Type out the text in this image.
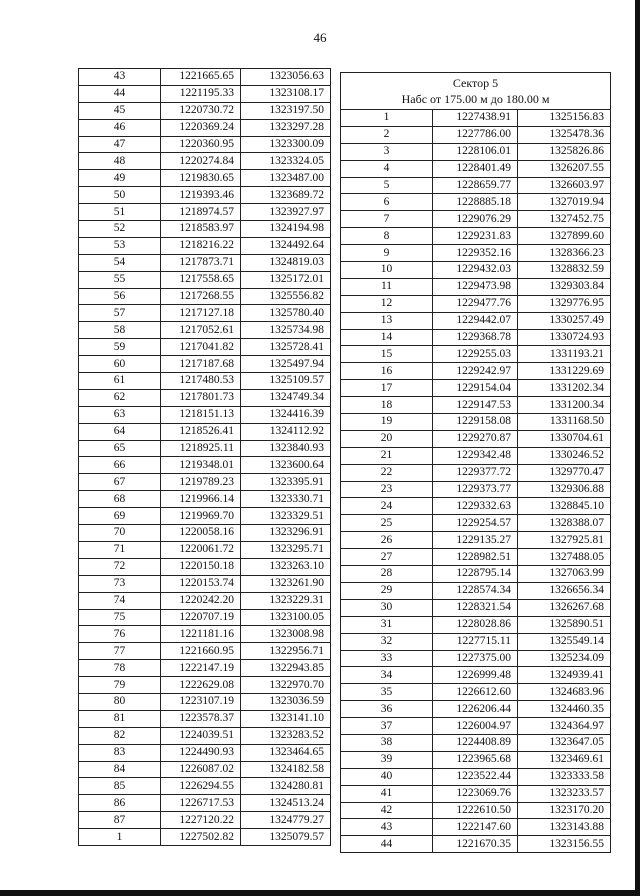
46
43	1221665.65	1323056.63
44	1221195.33	1323108.17
45	1220730.72	1323197.50
46	1220369.24	1323297.28
47	1220360.95	1323300.09
48	1220274.84	1323324.05
49	1219830.65	1323487.00
50	1219393.46	1323689.72
51	1218974.57	1323927.97
52	1218583.97	1324194.98
53	1218216.22	1324492.64
54	1217873.71	1324819.03
55	1217558.65	1325172.01
56	1217268.55	1325556.82
57	1217127.18	1325780.40
58	1217052.61	1325734.98
59	1217041.82	1325728.41
60	1217187.68	1325497.94
61	1217480.53	1325109.57
62	1217801.73	1324749.34
63	1218151.13	1324416.39
64	1218526.41	1324112.92
65	1218925.11	1323840.93
66	1219348.01	1323600.64
67	1219789.23	1323395.91
68	1219966.14	1323330.71
69	1219969.70	1323329.51
70	1220058.16	1323296.91
71	1220061.72	1323295.71
72	1220150.18	1323263.10
73	1220153.74	1323261.90
74	1220242.20	1323229.31
75	1220707.19	1323100.05
76	1221181.16	1323008.98
77	1221660.95	1322956.71
78	1222147.19	1322943.85
79	1222629.08	1322970.70
80	1223107.19	1323036.59
81	1223578.37	1323141.10
82	1224039.51	1323283.52
83	1224490.93	1323464.65
84	1226087.02	1324182.58
85	1226294.55	1324280.81
86	1226717.53	1324513.24
87	1227120.22	1324779.27
1	1227502.82	1325079.57
Сектор 5
Набс от 175.00 м до 180.00 м		

1	1227438.91	1325156.83
2	1227786.00	1325478.36
3	1228106.01	1325826.86
4	1228401.49	1326207.55
5	1228659.77	1326603.97
6	1228885.18	1327019.94
7	1229076.29	1327452.75
8	1229231.83	1327899.60
9	1229352.16	1328366.23
10	1229432.03	1328832.59
11	1229473.98	1329303.84
12	1229477.76	1329776.95
13	1229442.07	1330257.49
14	1229368.78	1330724.93
15	1229255.03	1331193.21
16	1229242.97	1331229.69
17	1229154.04	1331202.34
18	1229147.53	1331200.34
19	1229158.08	1331168.50
20	1229270.87	1330704.61
21	1229342.48	1330246.52
22	1229377.72	1329770.47
23	1229373.77	1329306.88
24	1229332.63	1328845.10
25	1229254.57	1328388.07
26	1229135.27	1327925.81
27	1228982.51	1327488.05
28	1228795.14	1327063.99
29	1228574.34	1326656.34
30	1228321.54	1326267.68
31	1228028.86	1325890.51
32	1227715.11	1325549.14
33	1227375.00	1325234.09
34	1226999.48	1324939.41
35	1226612.60	1324683.96
36	1226206.44	1324460.35
37	1226004.97	1324364.97
38	1224408.89	1323647.05
39	1223965.68	1323469.61
40	1223522.44	1323333.58
41	1223069.76	1323233.57
42	1222610.50	1323170.20
43	1222147.60	1323143.88
44	1221670.35	1323156.55
